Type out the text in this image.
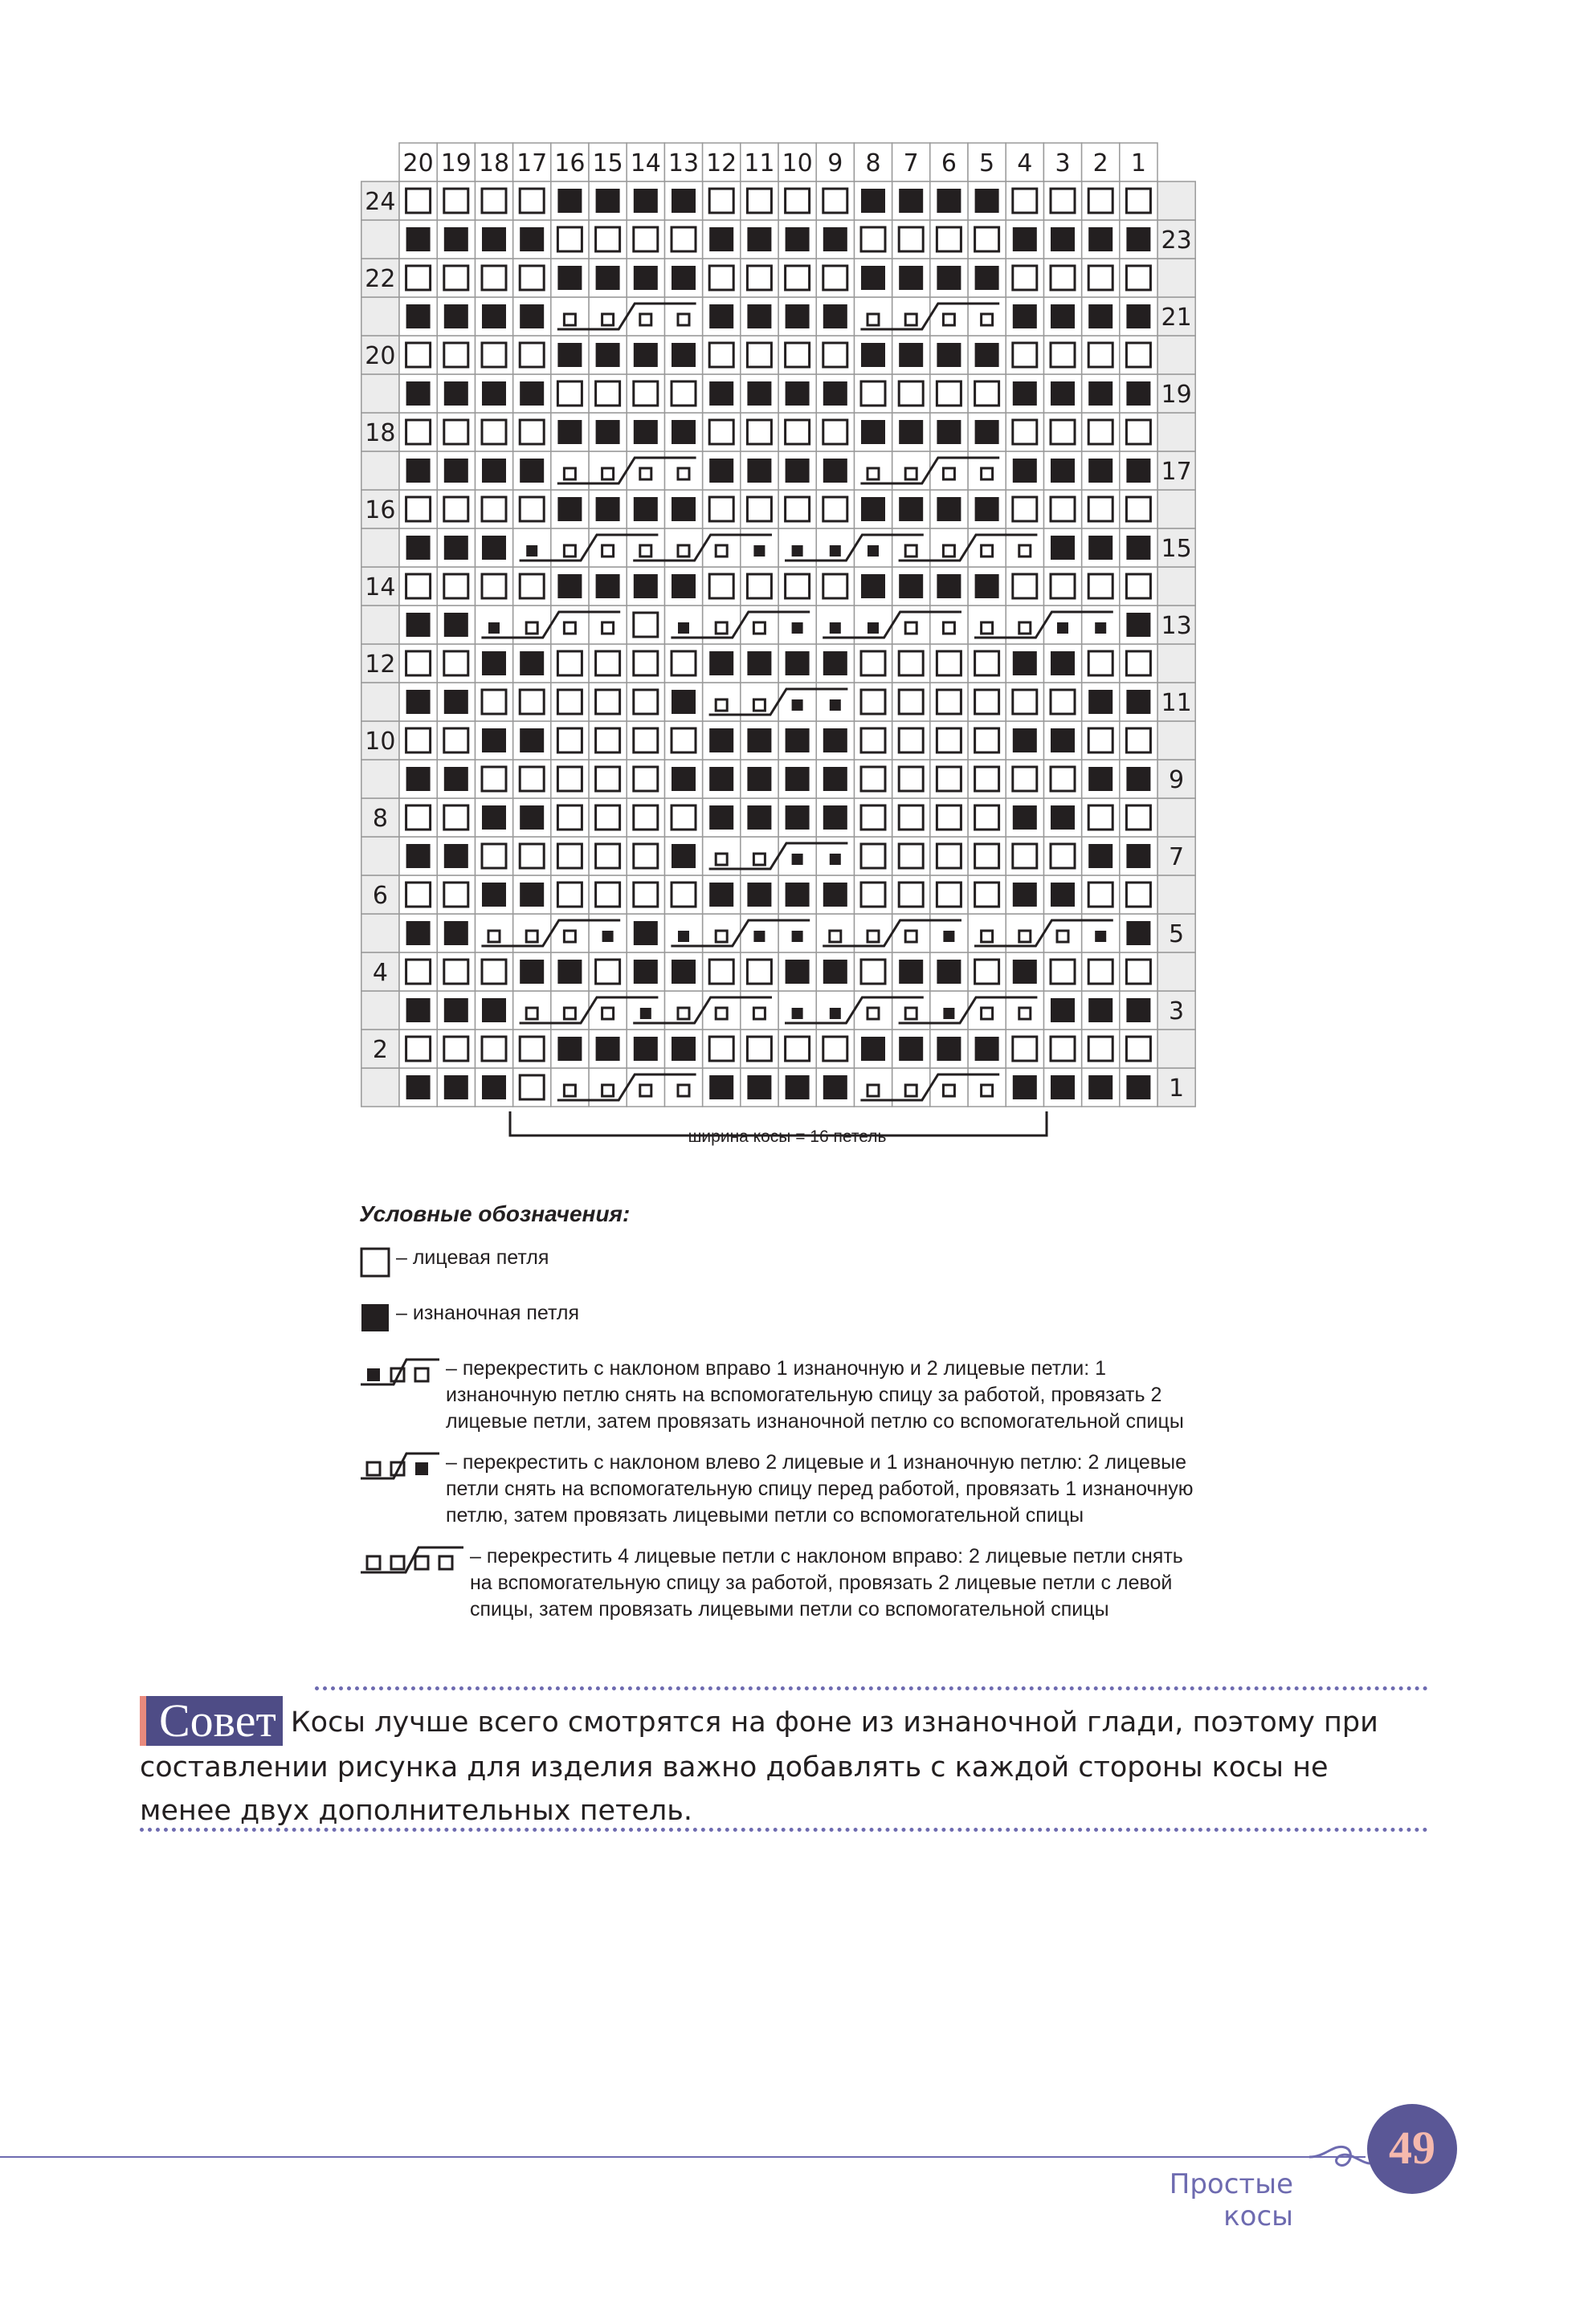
20 19 18 17 16 15 14 13 12 11 10 9 8 7 6 5 4 3 2 1
1
2
3
4
5
6
7
8
9
10
11
12
13
14
15
16
17
18
19
20
21
22
23
24
ширина косы = 16 петель
Условные обозначения:
– лицевая петля
– изнаночная петля
– перекрестить с наклоном вправо 1 изнаночную и 2 лицевые петли: 1 изнаночную петлю снять на вспомогательную спицу за работой, провязать 2 лицевые петли, затем провязать изнаночной петлю со вспомогательной спицы
– перекрестить с наклоном влево 2 лицевые и 1 изнаночную петлю: 2 лицевые петли снять на вспомогательную спицу перед работой, провязать 1 изнаночную петлю, затем провязать лицевыми петли со вспомогательной спицы
– перекрестить 4 лицевые петли с наклоном вправо: 2 лицевые петли снять на вспомогательную спицу за работой, провязать 2 лицевые петли с левой спицы, затем провязать лицевыми петли со вспомогательной спицы
Совет Косы лучше всего смотрятся на фоне из изнаночной глади, поэтому при составлении рисунка для изделия важно добавлять с каждой стороны косы не менее двух дополнительных петель.
Простые косы
49
